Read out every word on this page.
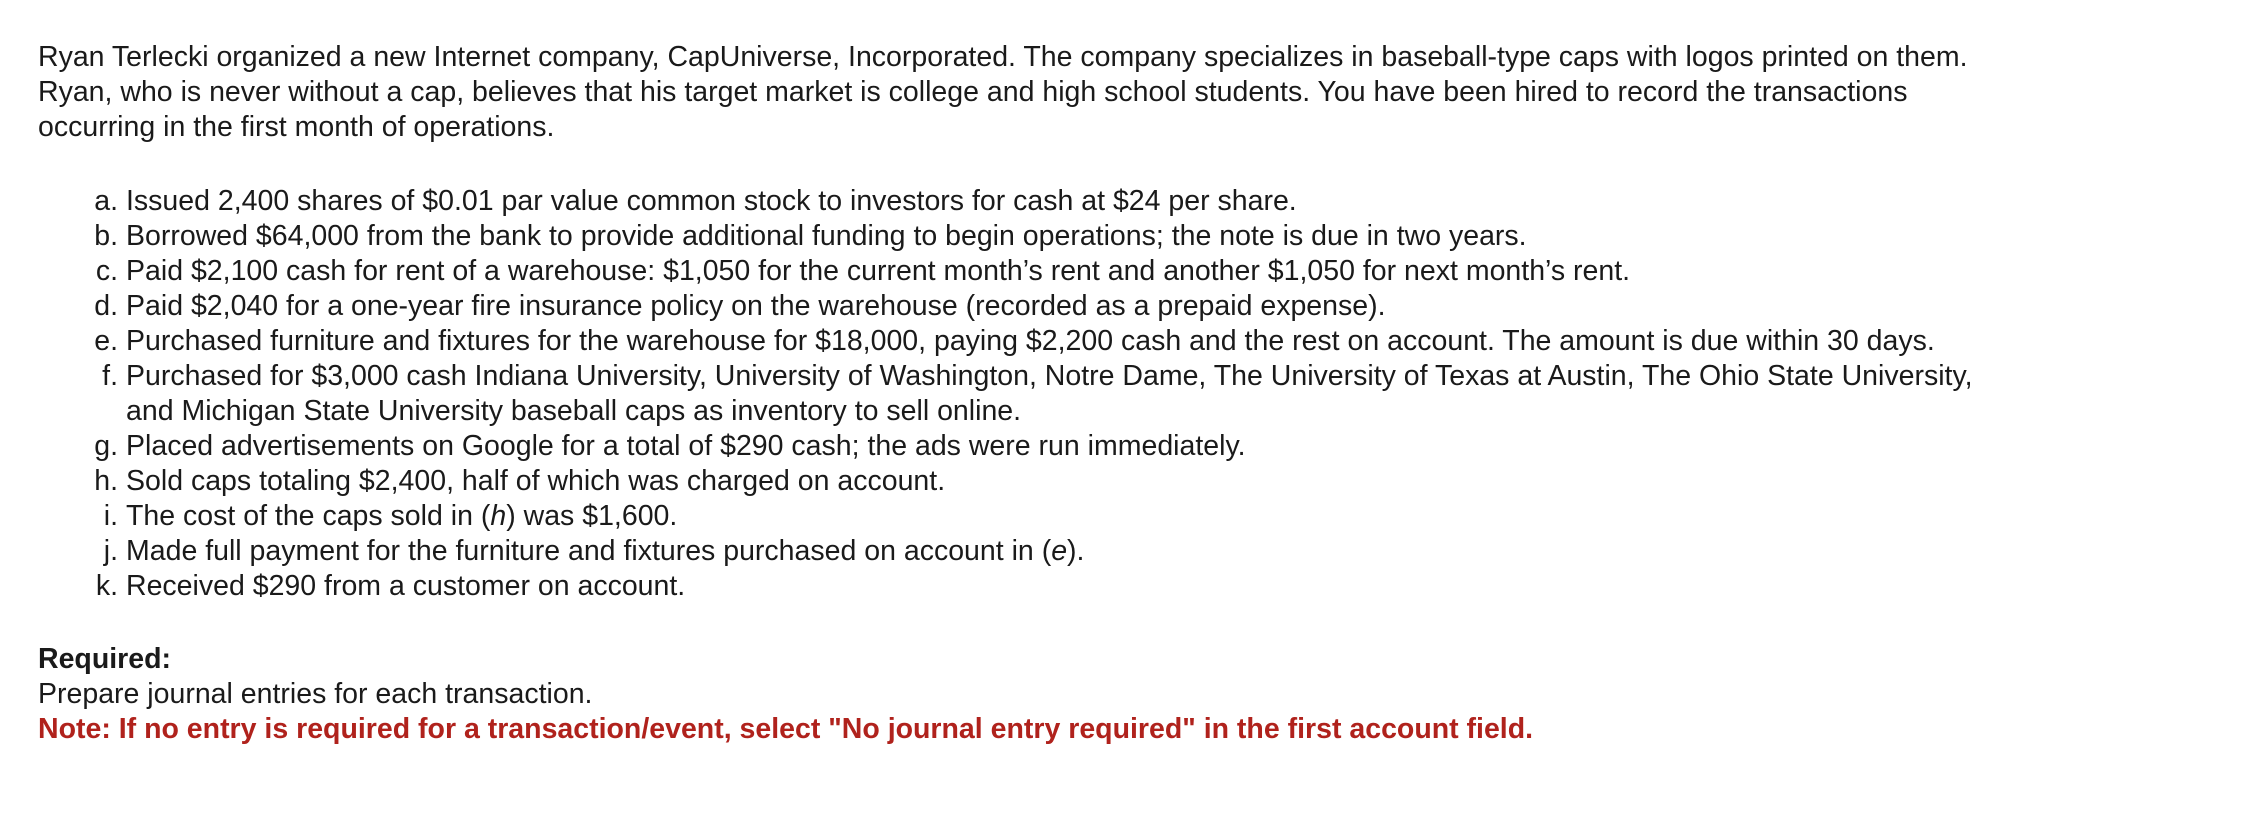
Ryan Terlecki organized a new Internet company, CapUniverse, Incorporated. The company specializes in baseball-type caps with logos printed on them. Ryan, who is never without a cap, believes that his target market is college and high school students. You have been hired to record the transactions occurring in the first month of operations.

a. Issued 2,400 shares of $0.01 par value common stock to investors for cash at $24 per share.
b. Borrowed $64,000 from the bank to provide additional funding to begin operations; the note is due in two years.
c. Paid $2,100 cash for rent of a warehouse: $1,050 for the current month’s rent and another $1,050 for next month’s rent.
d. Paid $2,040 for a one-year fire insurance policy on the warehouse (recorded as a prepaid expense).
e. Purchased furniture and fixtures for the warehouse for $18,000, paying $2,200 cash and the rest on account. The amount is due within 30 days.
f. Purchased for $3,000 cash Indiana University, University of Washington, Notre Dame, The University of Texas at Austin, The Ohio State University, and Michigan State University baseball caps as inventory to sell online.
g. Placed advertisements on Google for a total of $290 cash; the ads were run immediately.
h. Sold caps totaling $2,400, half of which was charged on account.
i. The cost of the caps sold in (h) was $1,600.
j. Made full payment for the furniture and fixtures purchased on account in (e).
k. Received $290 from a customer on account.

Required:

Prepare journal entries for each transaction.

Note: If no entry is required for a transaction/event, select "No journal entry required" in the first account field.
